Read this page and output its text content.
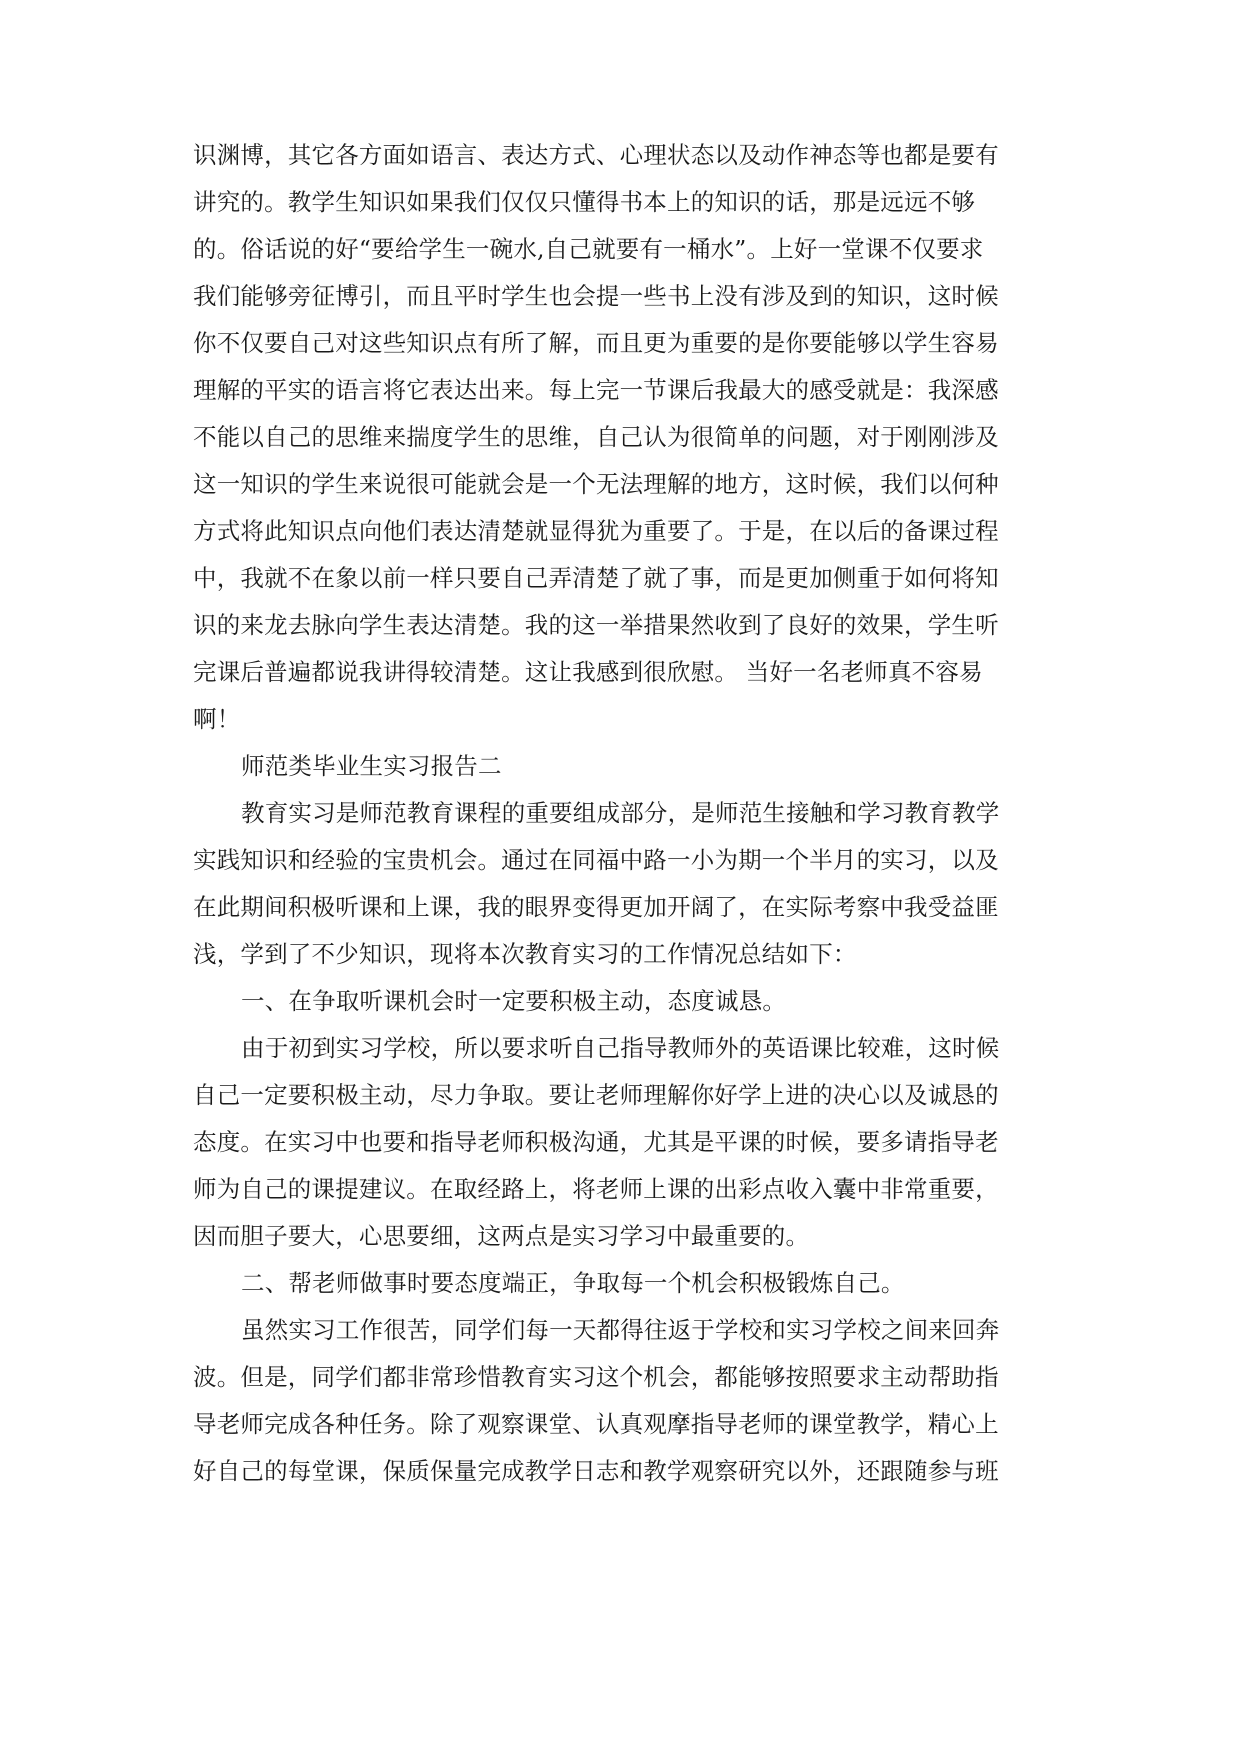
识渊博，其它各方面如语言、表达方式、心理状态以及动作神态等也都是要有
讲究的。教学生知识如果我们仅仅只懂得书本上的知识的话，那是远远不够
的。俗话说的好“要给学生一碗水,自己就要有一桶水”。上好一堂课不仅要求
我们能够旁征博引，而且平时学生也会提一些书上没有涉及到的知识，这时候
你不仅要自己对这些知识点有所了解，而且更为重要的是你要能够以学生容易
理解的平实的语言将它表达出来。每上完一节课后我最大的感受就是：我深感
不能以自己的思维来揣度学生的思维，自己认为很简单的问题，对于刚刚涉及
这一知识的学生来说很可能就会是一个无法理解的地方，这时候，我们以何种
方式将此知识点向他们表达清楚就显得犹为重要了。于是，在以后的备课过程
中，我就不在象以前一样只要自己弄清楚了就了事，而是更加侧重于如何将知
识的来龙去脉向学生表达清楚。我的这一举措果然收到了良好的效果，学生听
完课后普遍都说我讲得较清楚。这让我感到很欣慰。 当好一名老师真不容易
啊！
师范类毕业生实习报告二
教育实习是师范教育课程的重要组成部分，是师范生接触和学习教育教学
实践知识和经验的宝贵机会。通过在同福中路一小为期一个半月的实习，以及
在此期间积极听课和上课，我的眼界变得更加开阔了，在实际考察中我受益匪
浅，学到了不少知识，现将本次教育实习的工作情况总结如下：
一、在争取听课机会时一定要积极主动，态度诚恳。
由于初到实习学校，所以要求听自己指导教师外的英语课比较难，这时候
自己一定要积极主动，尽力争取。要让老师理解你好学上进的决心以及诚恳的
态度。在实习中也要和指导老师积极沟通，尤其是平课的时候，要多请指导老
师为自己的课提建议。在取经路上，将老师上课的出彩点收入囊中非常重要，
因而胆子要大，心思要细，这两点是实习学习中最重要的。
二、帮老师做事时要态度端正，争取每一个机会积极锻炼自己。
虽然实习工作很苦，同学们每一天都得往返于学校和实习学校之间来回奔
波。但是，同学们都非常珍惜教育实习这个机会，都能够按照要求主动帮助指
导老师完成各种任务。除了观察课堂、认真观摩指导老师的课堂教学，精心上
好自己的每堂课，保质保量完成教学日志和教学观察研究以外，还跟随参与班
